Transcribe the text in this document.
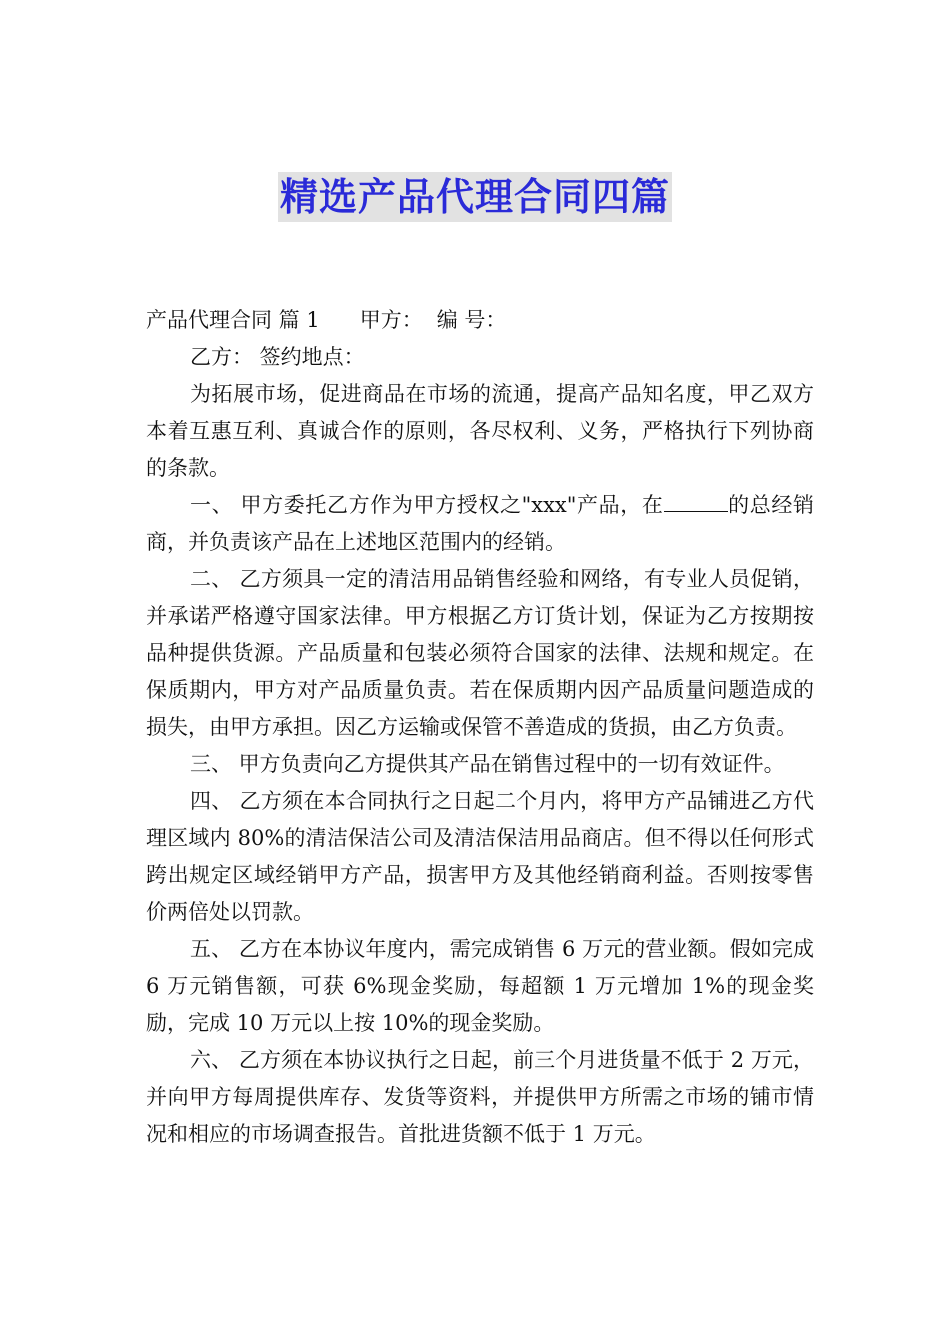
精选产品代理合同四篇

产品代理合同 篇 1 甲方： 编 号：

乙方： 签约地点：

为拓展市场，促进商品在市场的流通，提高产品知名度，甲乙双方本着互惠互利、真诚合作的原则，各尽权利、义务，严格执行下列协商的条款。

一、 甲方委托乙方作为甲方授权之"xxx"产品，在	的总经销商，并负责该产品在上述地区范围内的经销。

二、 乙方须具一定的清洁用品销售经验和网络，有专业人员促销，并承诺严格遵守国家法律。甲方根据乙方订货计划，保证为乙方按期按品种提供货源。产品质量和包装必须符合国家的法律、法规和规定。在保质期内，甲方对产品质量负责。若在保质期内因产品质量问题造成的损失，由甲方承担。因乙方运输或保管不善造成的货损，由乙方负责。

三、 甲方负责向乙方提供其产品在销售过程中的一切有效证件。

四、 乙方须在本合同执行之日起二个月内，将甲方产品铺进乙方代理区域内 80%的清洁保洁公司及清洁保洁用品商店。但不得以任何形式跨出规定区域经销甲方产品，损害甲方及其他经销商利益。否则按零售价两倍处以罚款。

五、 乙方在本协议年度内，需完成销售 6 万元的营业额。假如完成 6 万元销售额，可获 6%现金奖励，每超额 1 万元增加 1%的现金奖励，完成 10 万元以上按 10%的现金奖励。

六、 乙方须在本协议执行之日起，前三个月进货量不低于 2 万元，并向甲方每周提供库存、发货等资料，并提供甲方所需之市场的铺市情况和相应的市场调查报告。首批进货额不低于 1 万元。
